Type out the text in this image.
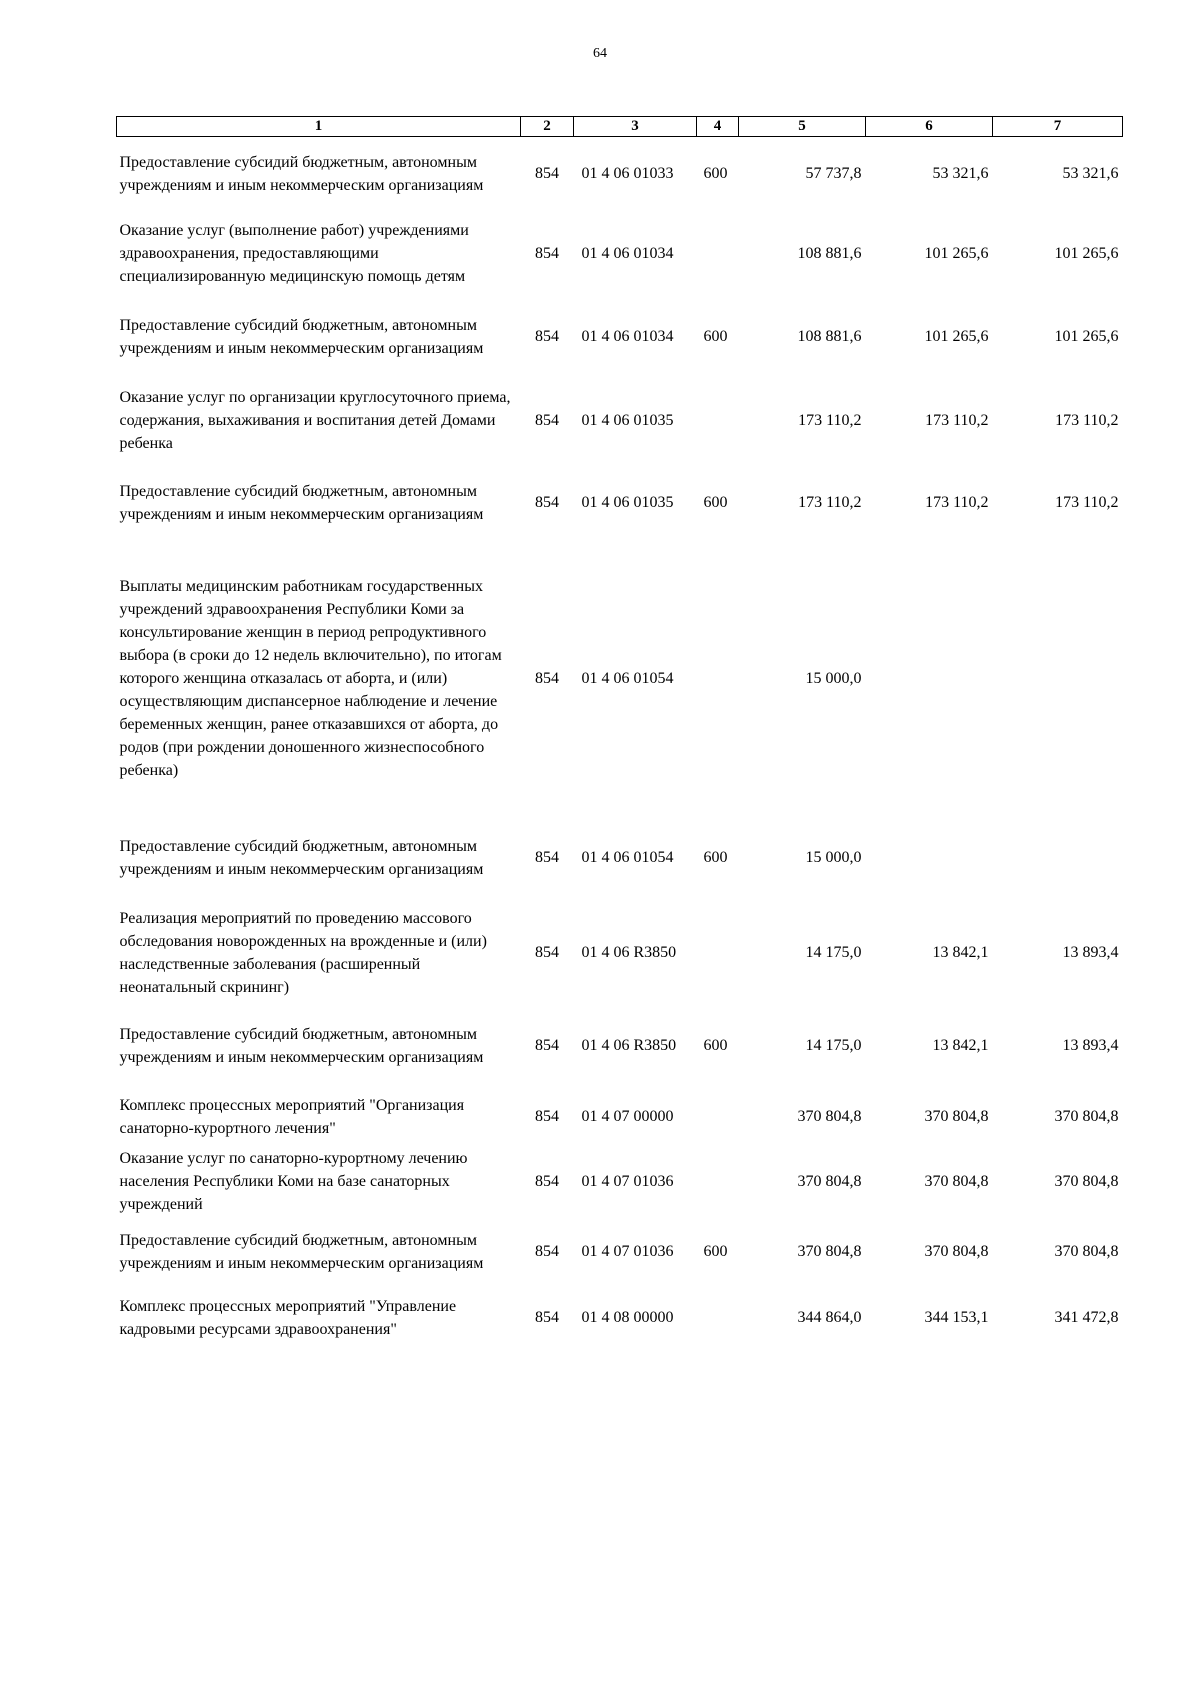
64
1	2	3	4	5	6	7

Предоставление субсидий бюджетным, автономным учреждениям и иным некоммерческим организациям	854	01 4 06 01033	600	57 737,8	53 321,6	53 321,6

Оказание услуг (выполнение работ) учреждениями здравоохранения, предоставляющими специализированную медицинскую помощь детям	854	01 4 06 01034		108 881,6	101 265,6	101 265,6

Предоставление субсидий бюджетным, автономным учреждениям и иным некоммерческим организациям	854	01 4 06 01034	600	108 881,6	101 265,6	101 265,6

Оказание услуг по организации круглосуточного приема, содержания, выхаживания и воспитания детей Домами ребенка	854	01 4 06 01035		173 110,2	173 110,2	173 110,2

Предоставление субсидий бюджетным, автономным учреждениям и иным некоммерческим организациям	854	01 4 06 01035	600	173 110,2	173 110,2	173 110,2

Выплаты медицинским работникам государственных учреждений здравоохранения Республики Коми за консультирование женщин в период репродуктивного выбора (в сроки до 12 недель включительно), по итогам которого женщина отказалась от аборта, и (или) осуществляющим диспансерное наблюдение и лечение беременных женщин, ранее отказавшихся от аборта, до родов (при рождении доношенного жизнеспособного ребенка)	854	01 4 06 01054		15 000,0		

Предоставление субсидий бюджетным, автономным учреждениям и иным некоммерческим организациям	854	01 4 06 01054	600	15 000,0		

Реализация мероприятий по проведению массового обследования новорожденных на врожденные и (или) наследственные заболевания (расширенный неонатальный скрининг)	854	01 4 06 R3850		14 175,0	13 842,1	13 893,4

Предоставление субсидий бюджетным, автономным учреждениям и иным некоммерческим организациям	854	01 4 06 R3850	600	14 175,0	13 842,1	13 893,4

Комплекс процессных мероприятий "Организация санаторно-курортного лечения"	854	01 4 07 00000		370 804,8	370 804,8	370 804,8

Оказание услуг по санаторно-курортному лечению населения Республики Коми на базе санаторных учреждений	854	01 4 07 01036		370 804,8	370 804,8	370 804,8

Предоставление субсидий бюджетным, автономным учреждениям и иным некоммерческим организациям	854	01 4 07 01036	600	370 804,8	370 804,8	370 804,8

Комплекс процессных мероприятий "Управление кадровыми ресурсами здравоохранения"	854	01 4 08 00000		344 864,0	344 153,1	341 472,8
